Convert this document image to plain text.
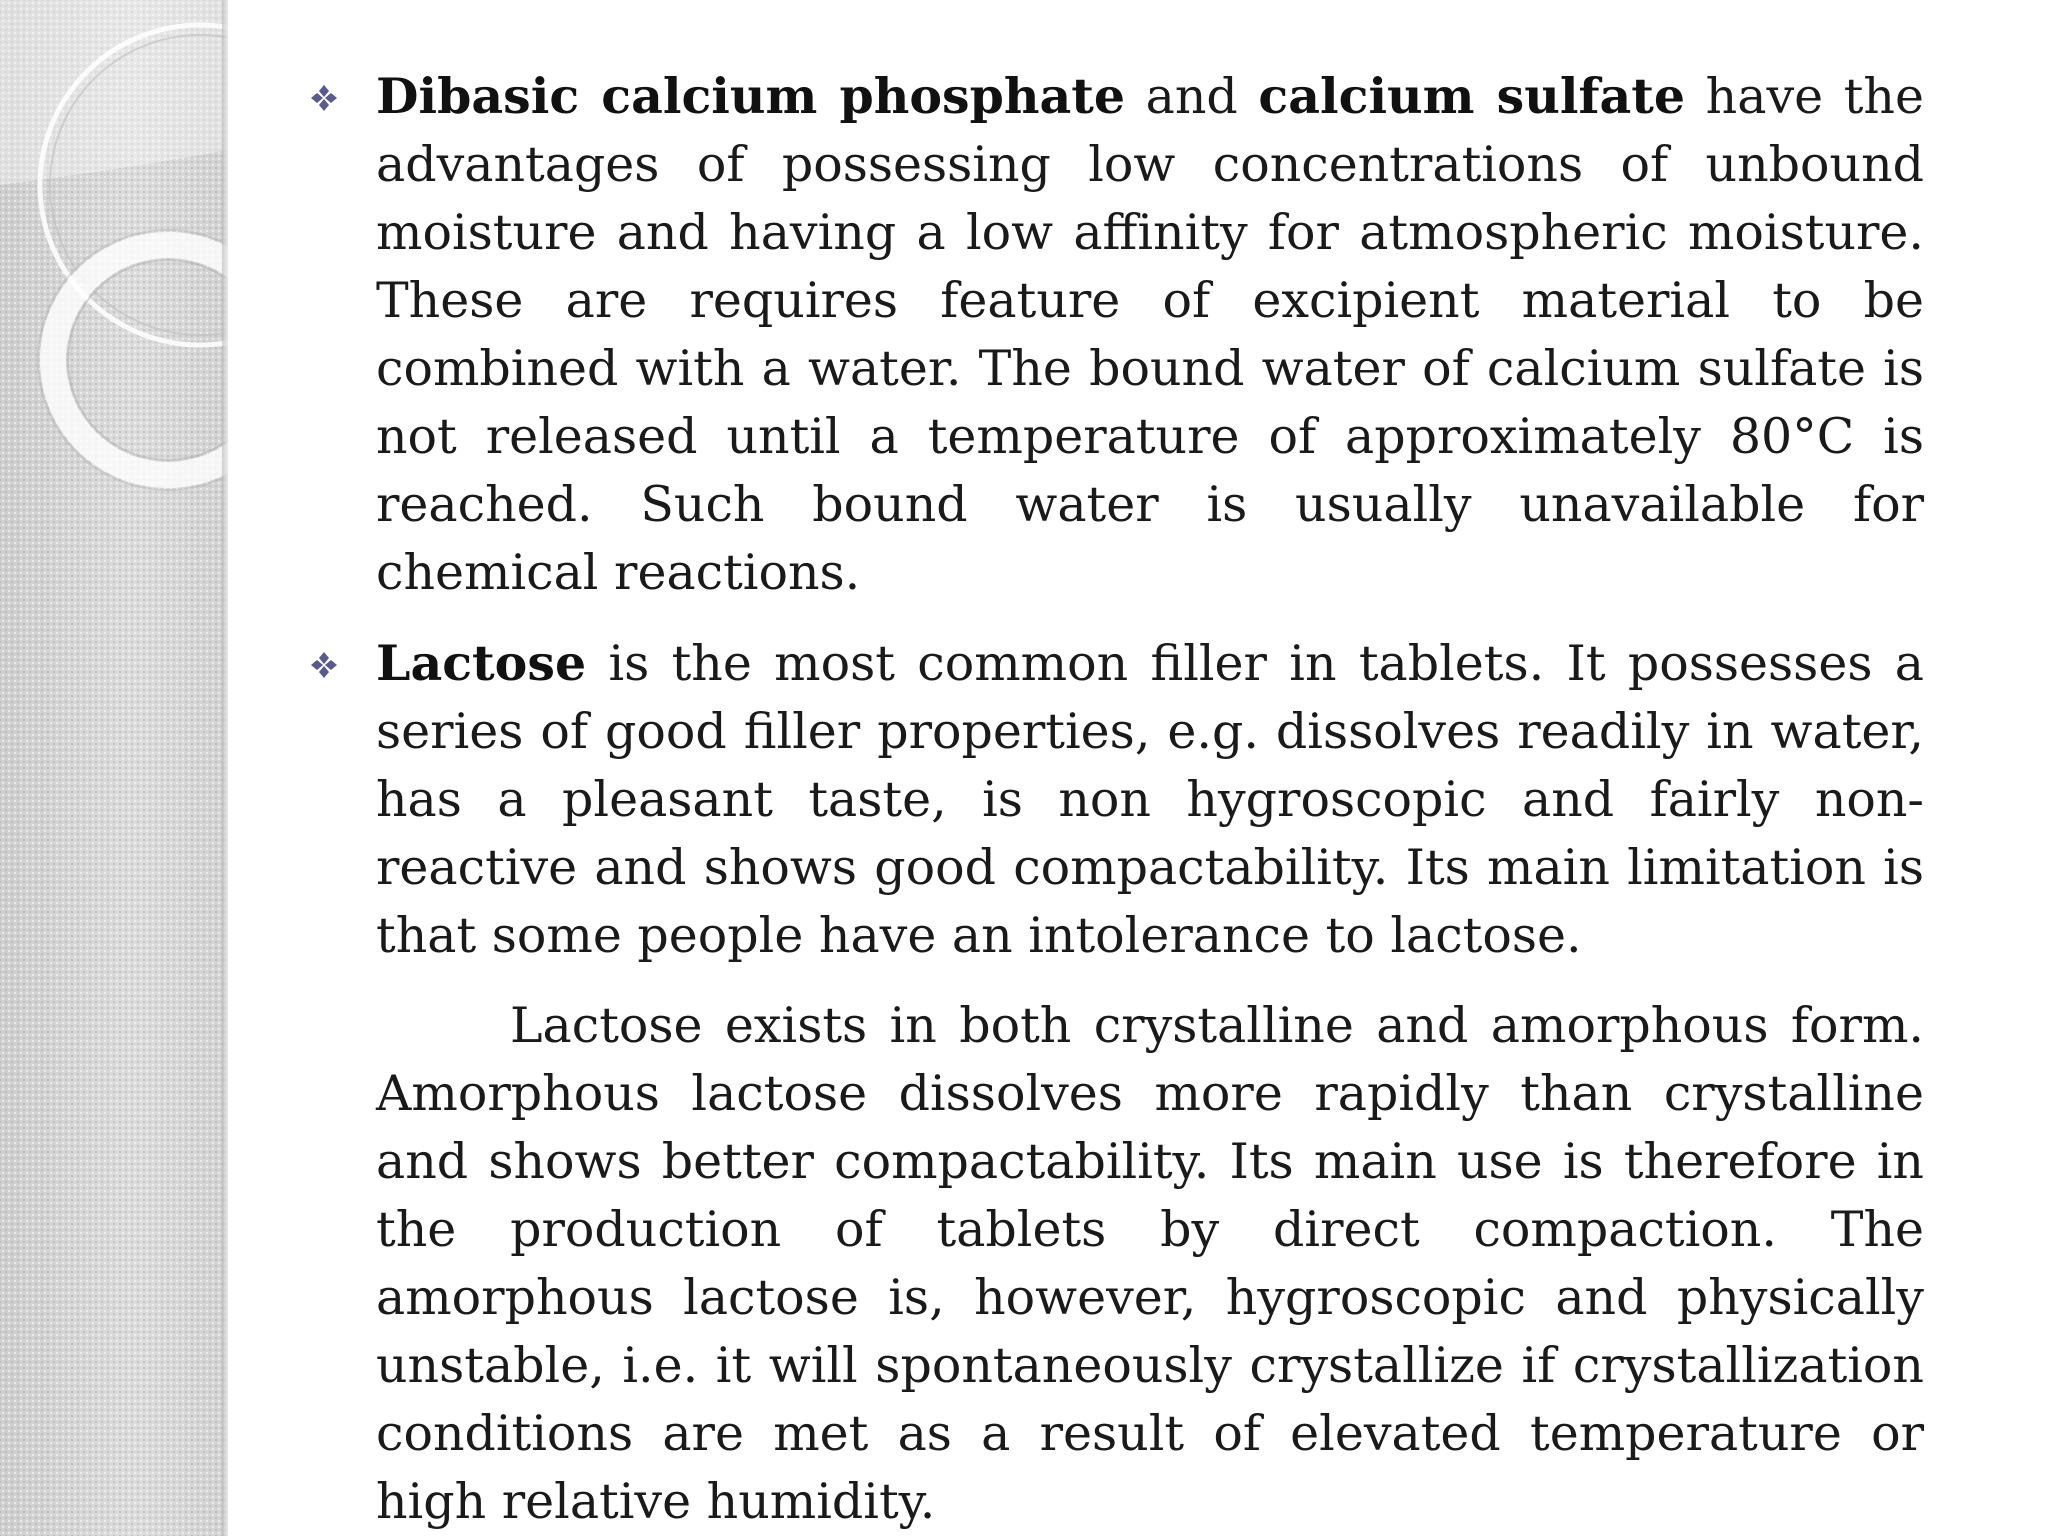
Dibasic calcium phosphate and calcium sulfate have the advantages of possessing low concentrations of unbound moisture and having a low affinity for atmospheric moisture. These are requires feature of excipient material to be combined with a water. The bound water of calcium sulfate is not released until a temperature of approximately 80°C is reached. Such bound water is usually unavailable for chemical reactions.

Lactose is the most common filler in tablets. It possesses a series of good filler properties, e.g. dissolves readily in water, has a pleasant taste, is non hygroscopic and fairly non-reactive and shows good compactability. Its main limitation is that some people have an intolerance to lactose.

Lactose exists in both crystalline and amorphous form. Amorphous lactose dissolves more rapidly than crystalline and shows better compactability. Its main use is therefore in the production of tablets by direct compaction. The amorphous lactose is, however, hygroscopic and physically unstable, i.e. it will spontaneously crystallize if crystallization conditions are met as a result of elevated temperature or high relative humidity.
